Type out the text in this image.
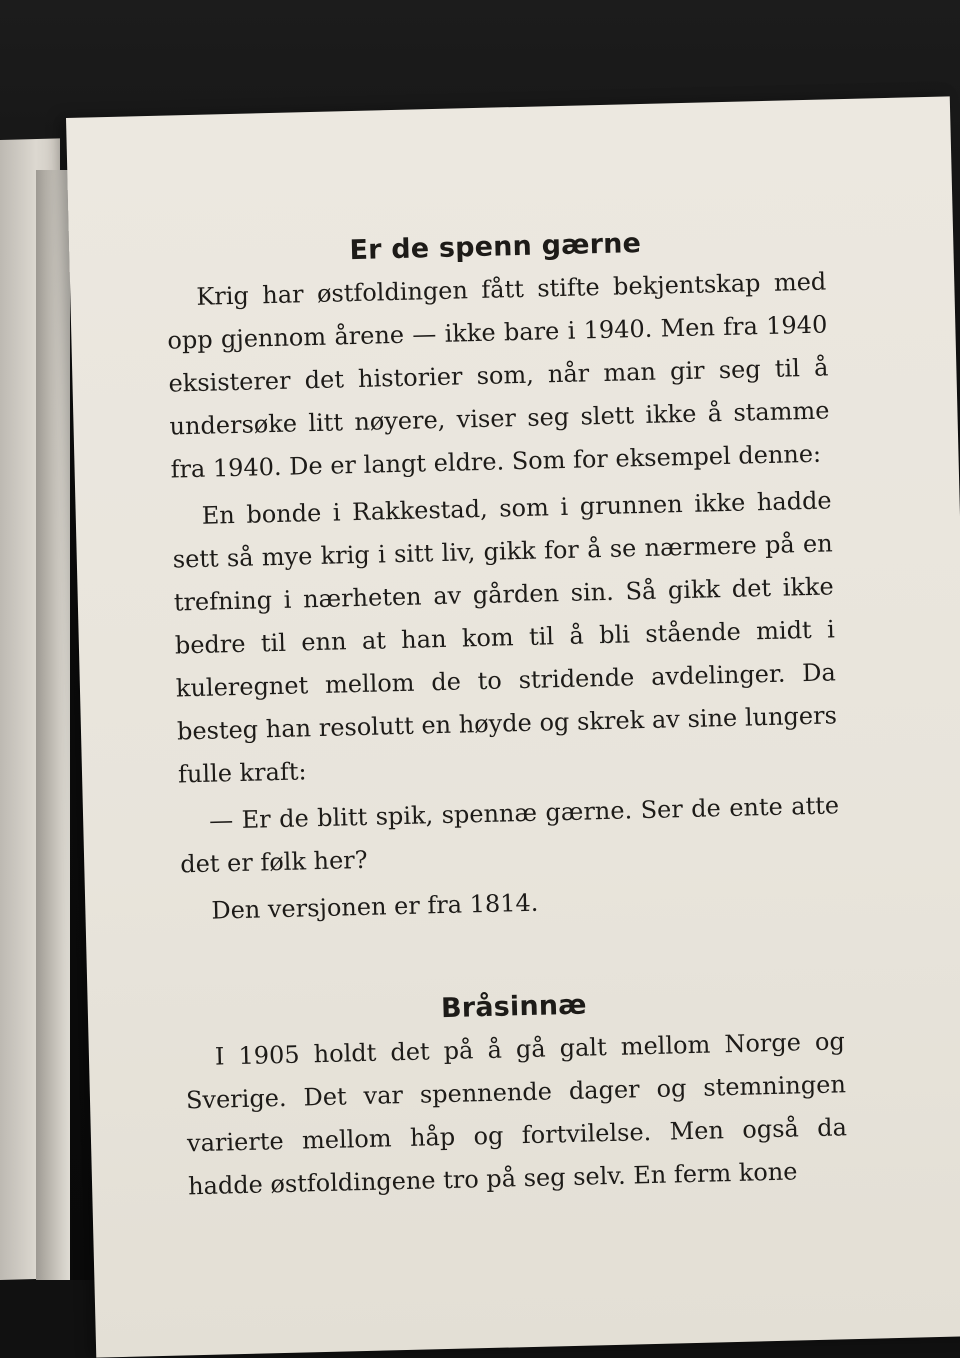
Er de spenn gærne

Krig har østfoldingen fått stifte bekjentskap med opp gjennom årene — ikke bare i 1940. Men fra 1940 eksisterer det historier som, når man gir seg til å undersøke litt nøyere, viser seg slett ikke å stamme fra 1940. De er langt eldre. Som for eksempel denne:

En bonde i Rakkestad, som i grunnen ikke hadde sett så mye krig i sitt liv, gikk for å se nærmere på en trefning i nærheten av gården sin. Så gikk det ikke bedre til enn at han kom til å bli stående midt i kuleregnet mellom de to stridende avdelinger. Da besteg han resolutt en høyde og skrek av sine lungers fulle kraft:

— Er de blitt spik, spennæ gærne. Ser de ente atte det er følk her?

Den versjonen er fra 1814.

Bråsinnæ

I 1905 holdt det på å gå galt mellom Norge og Sverige. Det var spennende dager og stemningen varierte mellom håp og fortvilelse. Men også da hadde østfoldingene tro på seg selv. En ferm kone
